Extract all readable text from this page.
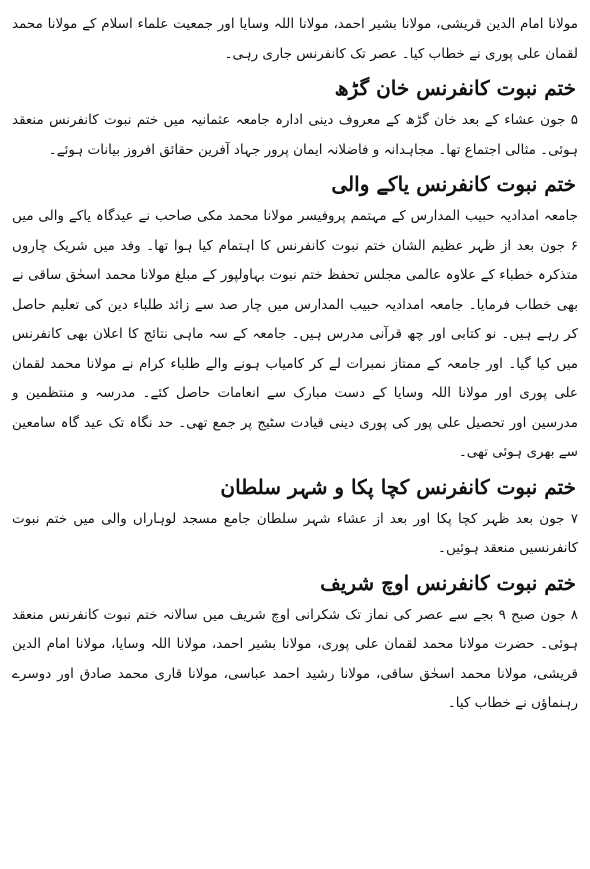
مولانا امام الدین قریشی، مولانا بشیر احمد، مولانا اللہ وسایا اور جمعیت علماء اسلام کے مولانا محمد لقمان علی پوری نے خطاب کیا۔ عصر تک کانفرنس جاری رہی۔

ختم نبوت کانفرنس خان گڑھ

۵ جون عشاء کے بعد خان گڑھ کے معروف دینی ادارہ جامعہ عثمانیہ میں ختم نبوت کانفرنس منعقد ہوئی۔ مثالی اجتماع تھا۔ مجاہدانہ و فاضلانہ ایمان پرور جہاد آفرین حقائق افروز بیانات ہوئے۔

ختم نبوت کانفرنس یاکے والی

جامعہ امدادیہ حبیب المدارس کے مہتمم پروفیسر مولانا محمد مکی صاحب نے عیدگاہ یاکے والی میں ۶ جون بعد از ظہر عظیم الشان ختم نبوت کانفرنس کا اہتمام کیا ہوا تھا۔ وفد میں شریک چاروں متذکرہ خطباء کے علاوہ عالمی مجلس تحفظ ختم نبوت بہاولپور کے مبلغ مولانا محمد اسحٰق ساقی نے بھی خطاب فرمایا۔ جامعہ امدادیہ حبیب المدارس میں چار صد سے زائد طلباء دین کی تعلیم حاصل کر رہے ہیں۔ نو کتابی اور چھ قرآنی مدرس ہیں۔ جامعہ کے سہ ماہی نتائج کا اعلان بھی کانفرنس میں کیا گیا۔ اور جامعہ کے ممتاز نمبرات لے کر کامیاب ہونے والے طلباء کرام نے مولانا محمد لقمان علی پوری اور مولانا اللہ وسایا کے دست مبارک سے انعامات حاصل کئے۔ مدرسہ و منتظمین و مدرسین اور تحصیل علی پور کی پوری دینی قیادت سٹیج پر جمع تھی۔ حد نگاہ تک عید گاہ سامعین سے بھری ہوئی تھی۔

ختم نبوت کانفرنس کچا پکا و شہر سلطان

۷ جون بعد ظہر کچا پکا اور بعد از عشاء شہر سلطان جامع مسجد لوہاراں والی میں ختم نبوت کانفرنسیں منعقد ہوئیں۔

ختم نبوت کانفرنس اوچ شریف

۸ جون صبح ۹ بجے سے عصر کی نماز تک شکرانی اوچ شریف میں سالانہ ختم نبوت کانفرنس منعقد ہوئی۔ حضرت مولانا محمد لقمان علی پوری، مولانا بشیر احمد، مولانا اللہ وسایا، مولانا امام الدین قریشی، مولانا محمد اسحٰق ساقی، مولانا رشید احمد عباسی، مولانا قاری محمد صادق اور دوسرے رہنماؤں نے خطاب کیا۔
